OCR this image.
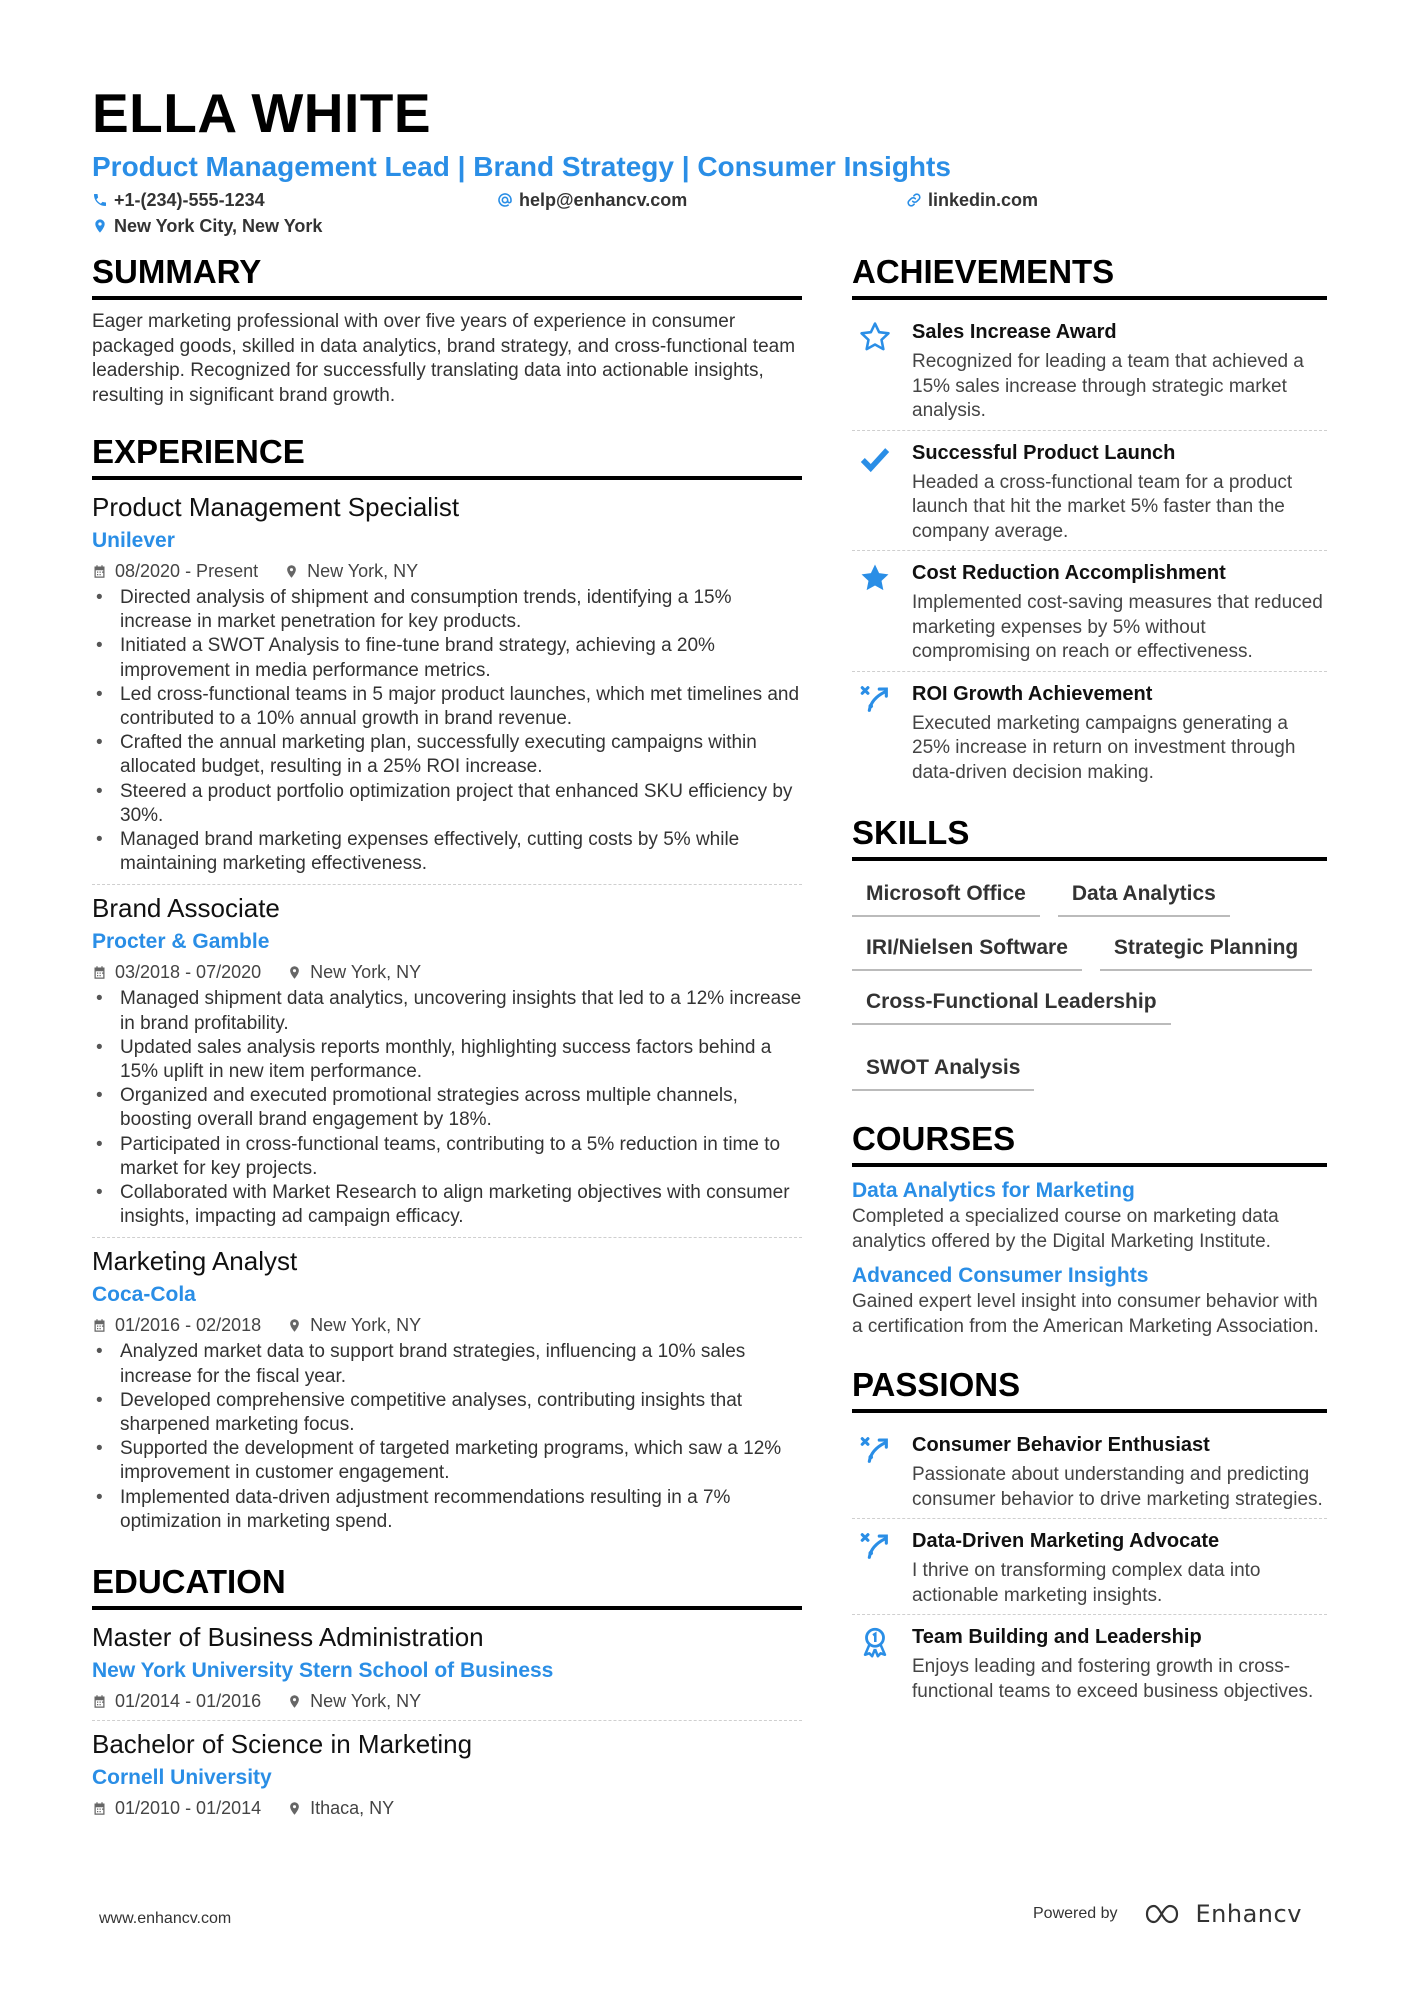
ELLA WHITE
Product Management Lead | Brand Strategy | Consumer Insights
+1-(234)-555-1234	help@enhancv.com	linkedin.com
New York City, New York
SUMMARY
Eager marketing professional with over five years of experience in consumer packaged goods, skilled in data analytics, brand strategy, and cross-functional team leadership. Recognized for successfully translating data into actionable insights, resulting in significant brand growth.
EXPERIENCE
Product Management Specialist
Unilever
08/2020 - Present	New York, NY
• Directed analysis of shipment and consumption trends, identifying a 15% increase in market penetration for key products.
• Initiated a SWOT Analysis to fine-tune brand strategy, achieving a 20% improvement in media performance metrics.
• Led cross-functional teams in 5 major product launches, which met timelines and contributed to a 10% annual growth in brand revenue.
• Crafted the annual marketing plan, successfully executing campaigns within allocated budget, resulting in a 25% ROI increase.
• Steered a product portfolio optimization project that enhanced SKU efficiency by 30%.
• Managed brand marketing expenses effectively, cutting costs by 5% while maintaining marketing effectiveness.
Brand Associate
Procter & Gamble
03/2018 - 07/2020	New York, NY
• Managed shipment data analytics, uncovering insights that led to a 12% increase in brand profitability.
• Updated sales analysis reports monthly, highlighting success factors behind a 15% uplift in new item performance.
• Organized and executed promotional strategies across multiple channels, boosting overall brand engagement by 18%.
• Participated in cross-functional teams, contributing to a 5% reduction in time to market for key projects.
• Collaborated with Market Research to align marketing objectives with consumer insights, impacting ad campaign efficacy.
Marketing Analyst
Coca-Cola
01/2016 - 02/2018	New York, NY
• Analyzed market data to support brand strategies, influencing a 10% sales increase for the fiscal year.
• Developed comprehensive competitive analyses, contributing insights that sharpened marketing focus.
• Supported the development of targeted marketing programs, which saw a 12% improvement in customer engagement.
• Implemented data-driven adjustment recommendations resulting in a 7% optimization in marketing spend.
EDUCATION
Master of Business Administration
New York University Stern School of Business
01/2014 - 01/2016	New York, NY
Bachelor of Science in Marketing
Cornell University
01/2010 - 01/2014	Ithaca, NY
ACHIEVEMENTS
Sales Increase Award
Recognized for leading a team that achieved a 15% sales increase through strategic market analysis.
Successful Product Launch
Headed a cross-functional team for a product launch that hit the market 5% faster than the company average.
Cost Reduction Accomplishment
Implemented cost-saving measures that reduced marketing expenses by 5% without compromising on reach or effectiveness.
ROI Growth Achievement
Executed marketing campaigns generating a 25% increase in return on investment through data-driven decision making.
SKILLS
Microsoft Office	Data Analytics
IRI/Nielsen Software	Strategic Planning
Cross-Functional Leadership
SWOT Analysis
COURSES
Data Analytics for Marketing
Completed a specialized course on marketing data analytics offered by the Digital Marketing Institute.
Advanced Consumer Insights
Gained expert level insight into consumer behavior with a certification from the American Marketing Association.
PASSIONS
Consumer Behavior Enthusiast
Passionate about understanding and predicting consumer behavior to drive marketing strategies.
Data-Driven Marketing Advocate
I thrive on transforming complex data into actionable marketing insights.
Team Building and Leadership
Enjoys leading and fostering growth in cross-functional teams to exceed business objectives.
www.enhancv.com	Powered by	Enhancv
